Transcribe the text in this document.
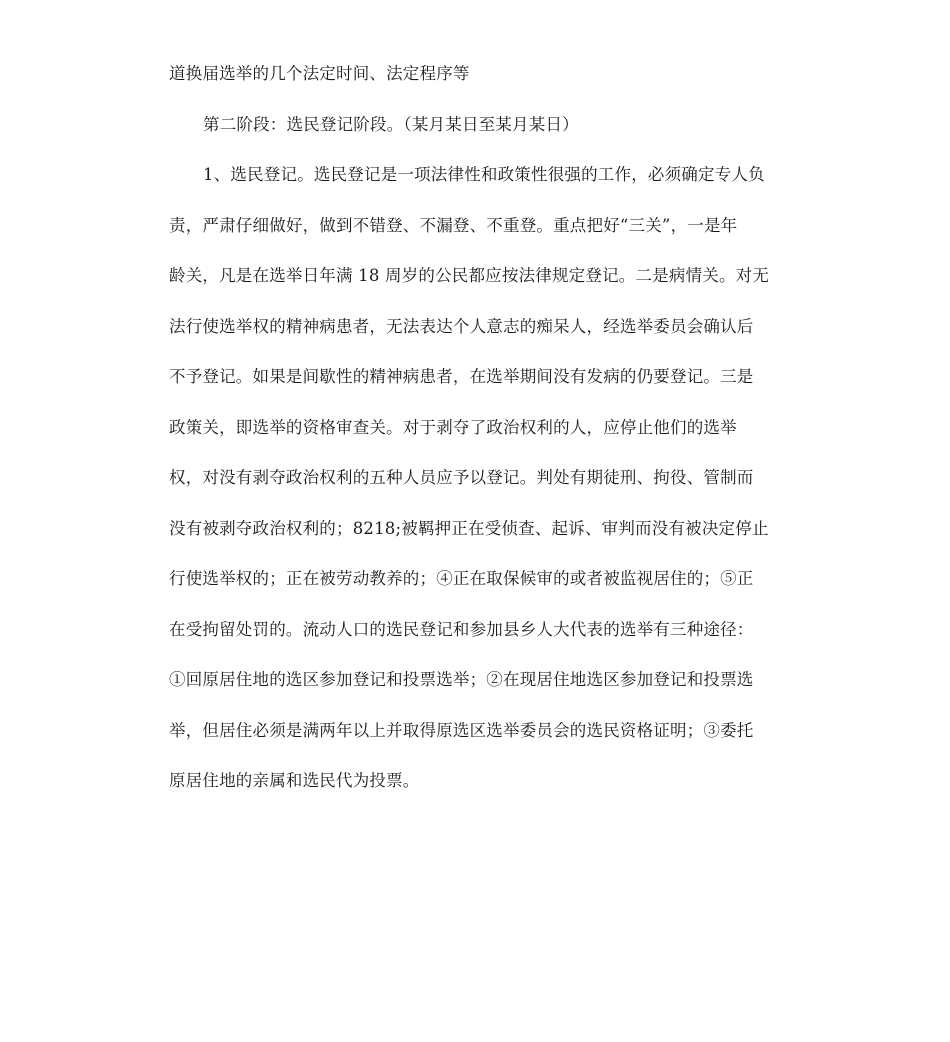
道换届选举的几个法定时间、法定程序等
第二阶段：选民登记阶段。（某月某日至某月某日）
1、选民登记。选民登记是一项法律性和政策性很强的工作，必须确定专人负
责，严肃仔细做好，做到不错登、不漏登、不重登。重点把好“三关”，一是年
龄关，凡是在选举日年满 18 周岁的公民都应按法律规定登记。二是病情关。对无
法行使选举权的精神病患者，无法表达个人意志的痴呆人，经选举委员会确认后
不予登记。如果是间歇性的精神病患者，在选举期间没有发病的仍要登记。三是
政策关，即选举的资格审查关。对于剥夺了政治权利的人，应停止他们的选举
权，对没有剥夺政治权利的五种人员应予以登记。判处有期徒刑、拘役、管制而
没有被剥夺政治权利的；8218;被羁押正在受侦查、起诉、审判而没有被决定停止
行使选举权的；正在被劳动教养的；④正在取保候审的或者被监视居住的；⑤正
在受拘留处罚的。流动人口的选民登记和参加县乡人大代表的选举有三种途径：
①回原居住地的选区参加登记和投票选举；②在现居住地选区参加登记和投票选
举，但居住必须是满两年以上并取得原选区选举委员会的选民资格证明；③委托
原居住地的亲属和选民代为投票。
